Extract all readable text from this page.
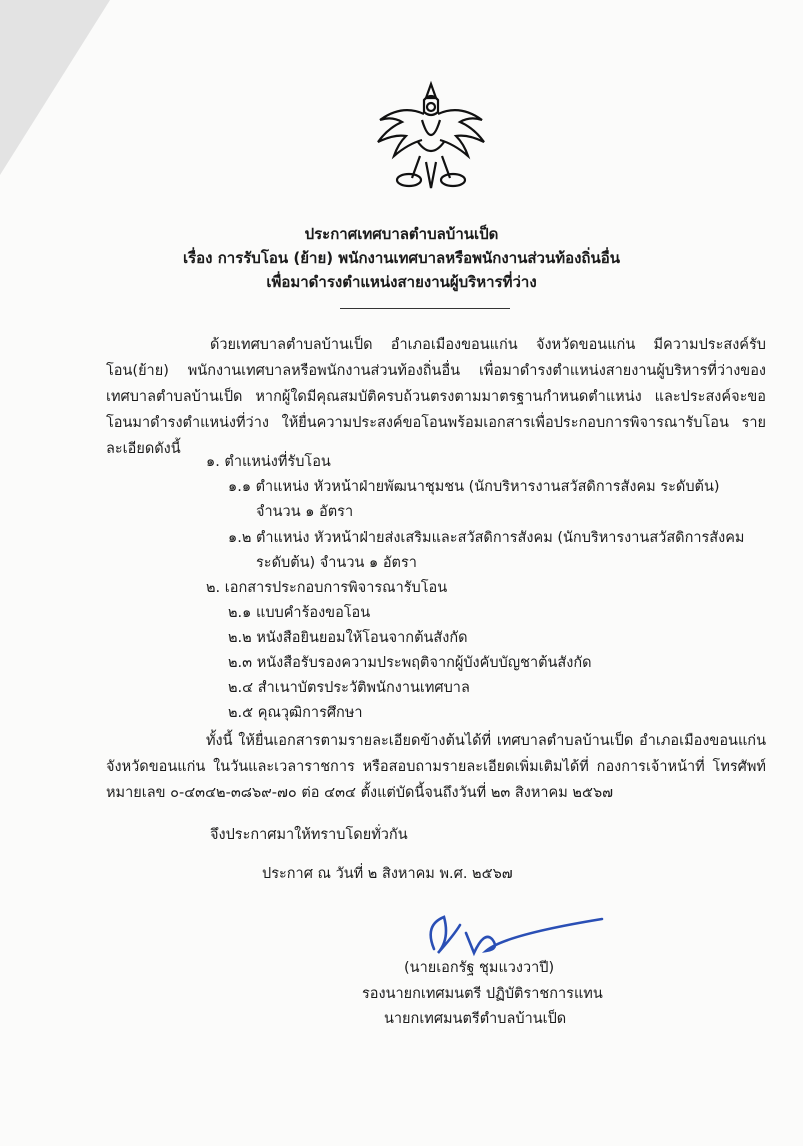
ประกาศเทศบาลตำบลบ้านเป็ด
เรื่อง การรับโอน (ย้าย) พนักงานเทศบาลหรือพนักงานส่วนท้องถิ่นอื่น
เพื่อมาดำรงตำแหน่งสายงานผู้บริหารที่ว่าง

ด้วยเทศบาลตำบลบ้านเป็ด อำเภอเมืองขอนแก่น จังหวัดขอนแก่น มีความประสงค์รับโอน(ย้าย) พนักงานเทศบาลหรือพนักงานส่วนท้องถิ่นอื่น เพื่อมาดำรงตำแหน่งสายงานผู้บริหารที่ว่างของเทศบาลตำบลบ้านเป็ด หากผู้ใดมีคุณสมบัติครบถ้วนตรงตามมาตรฐานกำหนดตำแหน่ง และประสงค์จะขอโอนมาดำรงตำแหน่งที่ว่าง ให้ยื่นความประสงค์ขอโอนพร้อมเอกสารเพื่อประกอบการพิจารณารับโอน รายละเอียดดังนี้

๑. ตำแหน่งที่รับโอน
๑.๑ ตำแหน่ง หัวหน้าฝ่ายพัฒนาชุมชน (นักบริหารงานสวัสดิการสังคม ระดับต้น)
จำนวน ๑ อัตรา
๑.๒ ตำแหน่ง หัวหน้าฝ่ายส่งเสริมและสวัสดิการสังคม (นักบริหารงานสวัสดิการสังคม
ระดับต้น) จำนวน ๑ อัตรา
๒. เอกสารประกอบการพิจารณารับโอน
๒.๑ แบบคำร้องขอโอน
๒.๒ หนังสือยินยอมให้โอนจากต้นสังกัด
๒.๓ หนังสือรับรองความประพฤติจากผู้บังคับบัญชาต้นสังกัด
๒.๔ สำเนาบัตรประวัติพนักงานเทศบาล
๒.๕ คุณวุฒิการศึกษา

ทั้งนี้ ให้ยื่นเอกสารตามรายละเอียดข้างต้นได้ที่ เทศบาลตำบลบ้านเป็ด อำเภอเมืองขอนแก่น จังหวัดขอนแก่น ในวันและเวลาราชการ หรือสอบถามรายละเอียดเพิ่มเติมได้ที่ กองการเจ้าหน้าที่ โทรศัพท์หมายเลข ๐-๔๓๔๒-๓๘๖๙-๗๐ ต่อ ๔๓๔ ตั้งแต่บัดนี้จนถึงวันที่ ๒๓ สิงหาคม ๒๕๖๗

จึงประกาศมาให้ทราบโดยทั่วกัน
ประกาศ ณ วันที่ ๒ สิงหาคม พ.ศ. ๒๕๖๗
(นายเอกรัฐ ชุมแวงวาปี)
รองนายกเทศมนตรี ปฏิบัติราชการแทน
นายกเทศมนตรีตำบลบ้านเป็ด
